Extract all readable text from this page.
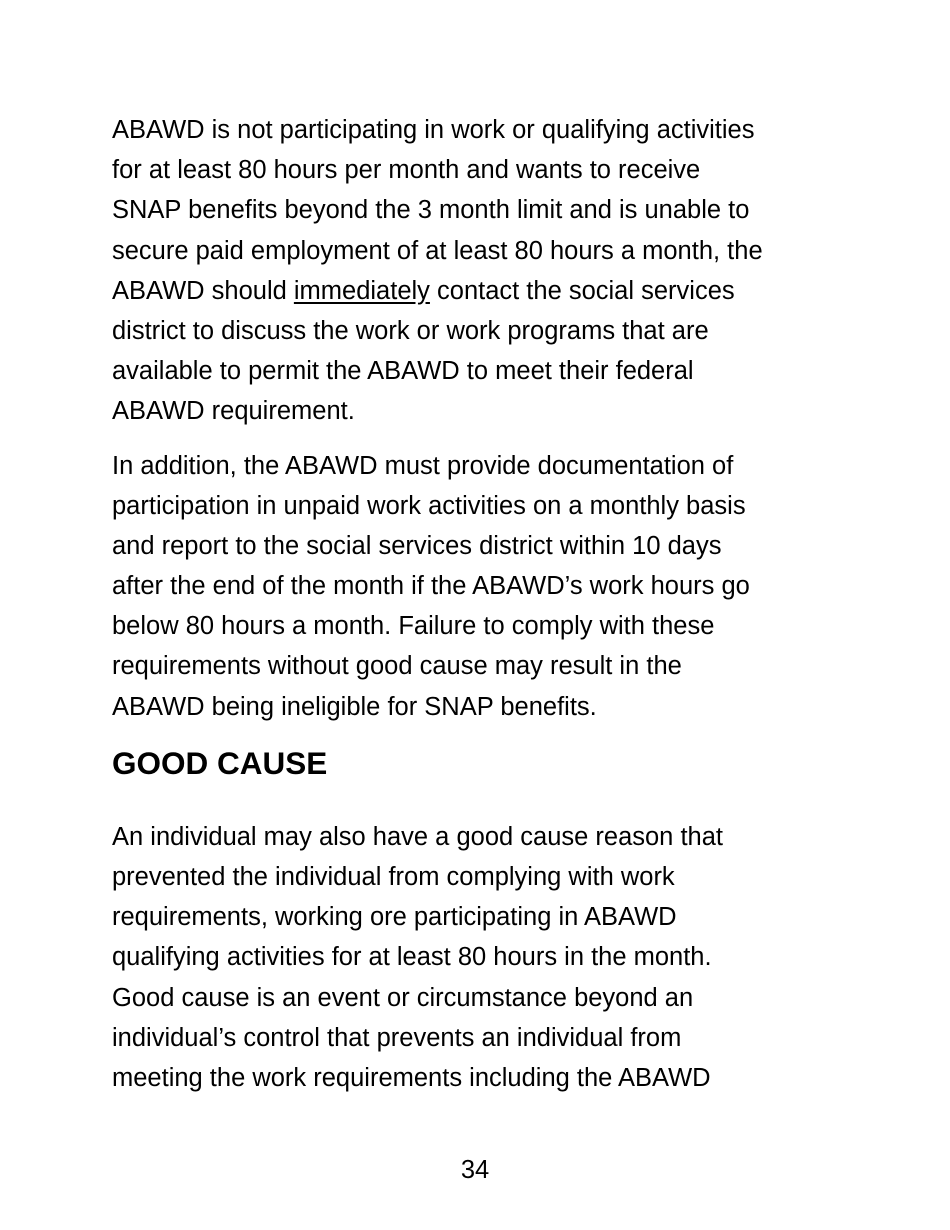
ABAWD is not participating in work or qualifying activities
for at least 80 hours per month and wants to receive
SNAP benefits beyond the 3 month limit and is unable to
secure paid employment of at least 80 hours a month, the
ABAWD should immediately contact the social services
district to discuss the work or work programs that are
available to permit the ABAWD to meet their federal
ABAWD requirement.
In addition, the ABAWD must provide documentation of
participation in unpaid work activities on a monthly basis
and report to the social services district within 10 days
after the end of the month if the ABAWD’s work hours go
below 80 hours a month. Failure to comply with these
requirements without good cause may result in the
ABAWD being ineligible for SNAP benefits.
GOOD CAUSE
An individual may also have a good cause reason that
prevented the individual from complying with work
requirements, working ore participating in ABAWD
qualifying activities for at least 80 hours in the month.
Good cause is an event or circumstance beyond an
individual’s control that prevents an individual from
meeting the work requirements including the ABAWD
34
